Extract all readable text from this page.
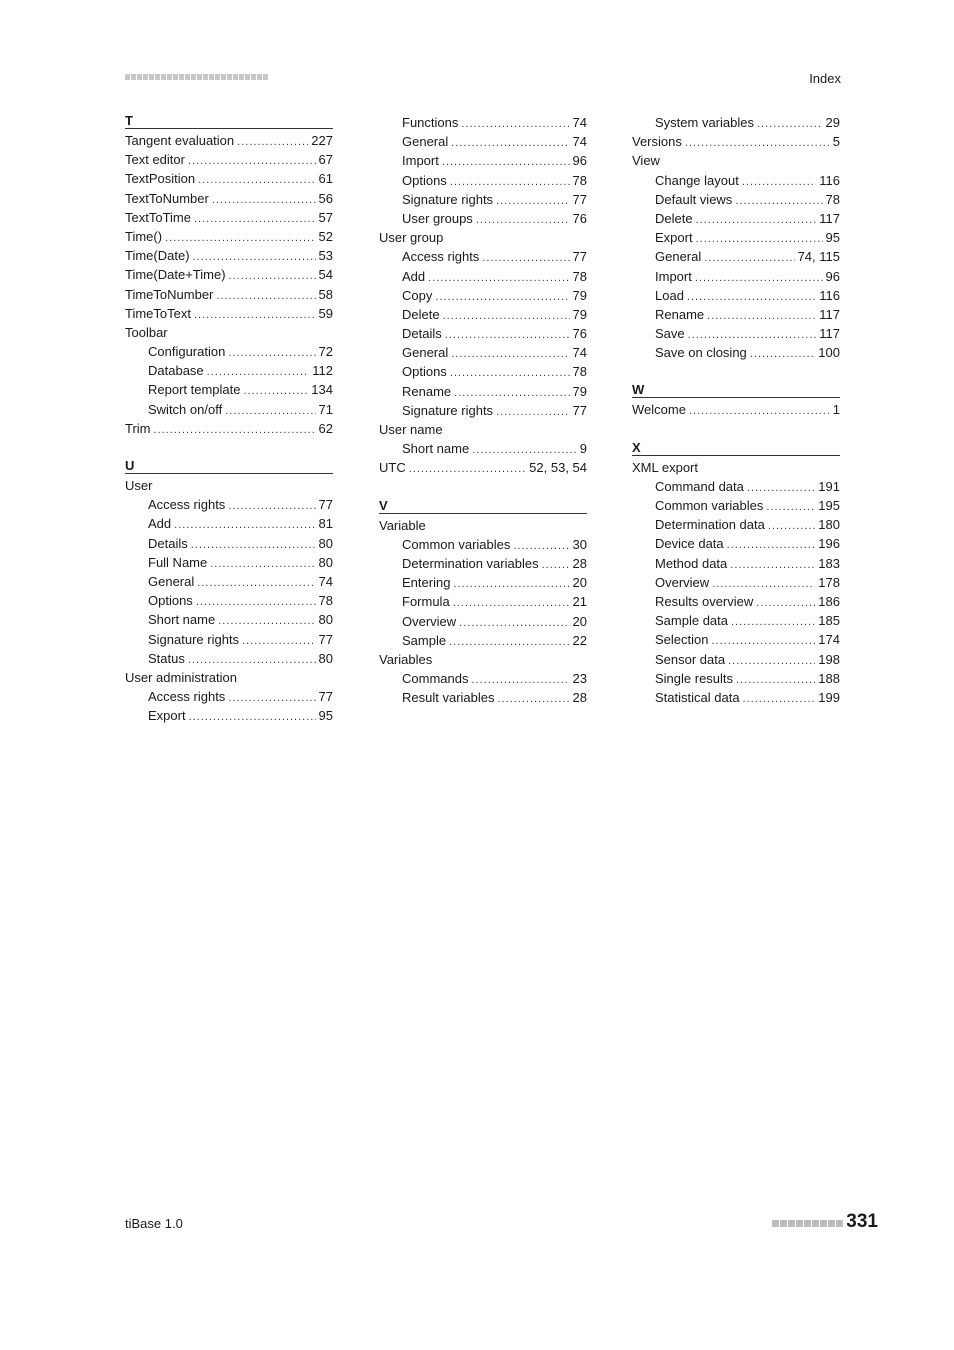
Index
T
Tangent evaluation .....	227
Text editor .....	67
TextPosition .....	61
TextToNumber .....	56
TextToTime .....	57
Time() .....	52
Time(Date) .....	53
Time(Date+Time) .....	54
TimeToNumber .....	58
TimeToText .....	59
Toolbar
Configuration .....	72
Database .....	112
Report template .....	134
Switch on/off .....	71
Trim .....	62
U
User
Access rights .....	77
Add .....	81
Details .....	80
Full Name .....	80
General .....	74
Options .....	78
Short name .....	80
Signature rights .....	77
Status .....	80
User administration
Access rights .....	77
Export .....	95
Functions .....	74
General .....	74
Import .....	96
Options .....	78
Signature rights .....	77
User groups .....	76
User group
Access rights .....	77
Add .....	78
Copy .....	79
Delete .....	79
Details .....	76
General .....	74
Options .....	78
Rename .....	79
Signature rights .....	77
User name
Short name .....	9
UTC .....	52, 53, 54
V
Variable
Common variables .....	30
Determination variables .....	28
Entering .....	20
Formula .....	21
Overview .....	20
Sample .....	22
Variables
Commands .....	23
Result variables .....	28
System variables .....	29
Versions .....	5
View
Change layout .....	116
Default views .....	78
Delete .....	117
Export .....	95
General .....	74, 115
Import .....	96
Load .....	116
Rename .....	117
Save .....	117
Save on closing .....	100
W
Welcome .....	1
X
XML export
Command data .....	191
Common variables .....	195
Determination data .....	180
Device data .....	196
Method data .....	183
Overview .....	178
Results overview .....	186
Sample data .....	185
Selection .....	174
Sensor data .....	198
Single results .....	188
Statistical data .....	199
tiBase 1.0	331
